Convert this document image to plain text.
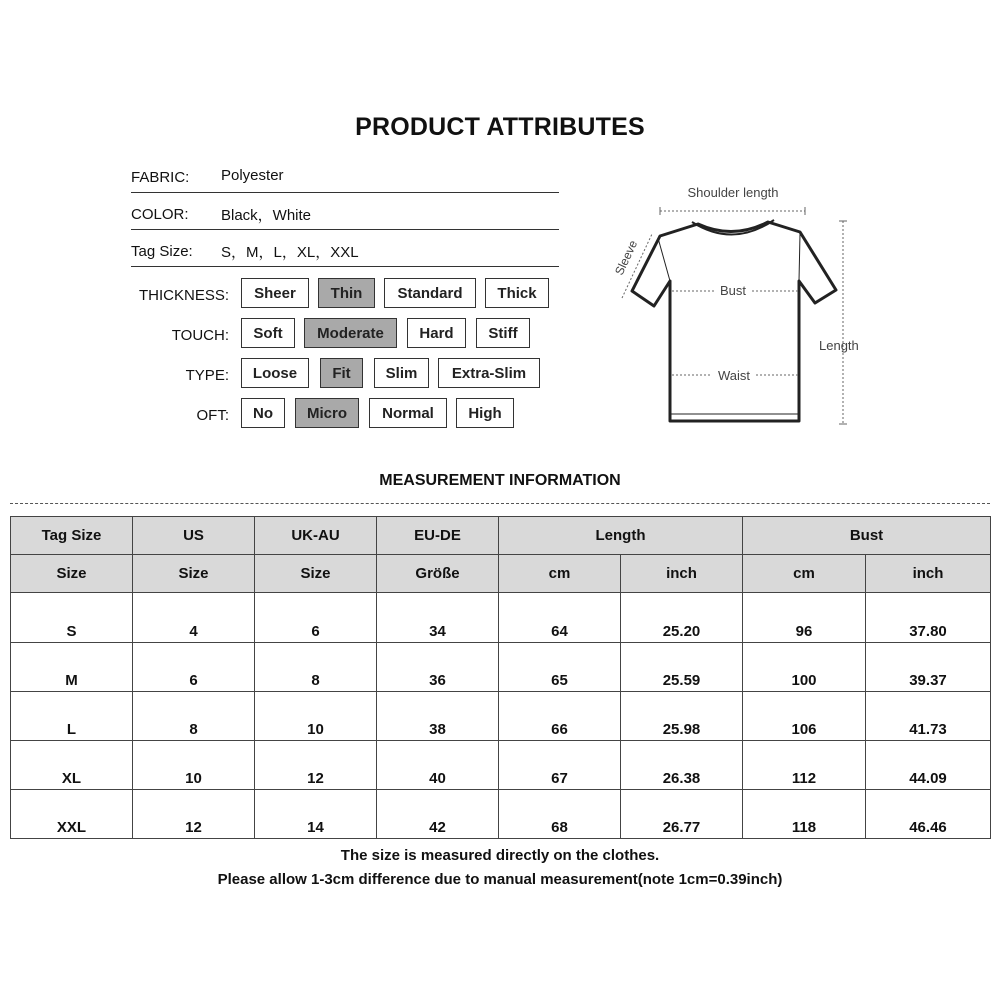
PRODUCT ATTRIBUTES
FABRIC: Polyester
COLOR: Black，White
Tag Size: S，M，L，XL，XXL
THICKNESS:	Sheer	Thin	Standard	Thick
TOUCH:	Soft	Moderate	Hard	Stiff
TYPE:	Loose	Fit	Slim	Extra-Slim
OFT:	No	Micro	Normal	High
Shoulder length
Sleeve
Bust
Waist
Length
MEASUREMENT INFORMATION
Tag Size	US	UK-AU	EU-DE	Length		Bust	
Size	Size	Size	Größe	cm	inch	cm	inch
S	4	6	34	64	25.20	96	37.80
M	6	8	36	65	25.59	100	39.37
L	8	10	38	66	25.98	106	41.73
XL	10	12	40	67	26.38	112	44.09
XXL	12	14	42	68	26.77	118	46.46
The size is measured directly on the clothes.
Please allow 1-3cm difference due to manual measurement(note 1cm=0.39inch)
